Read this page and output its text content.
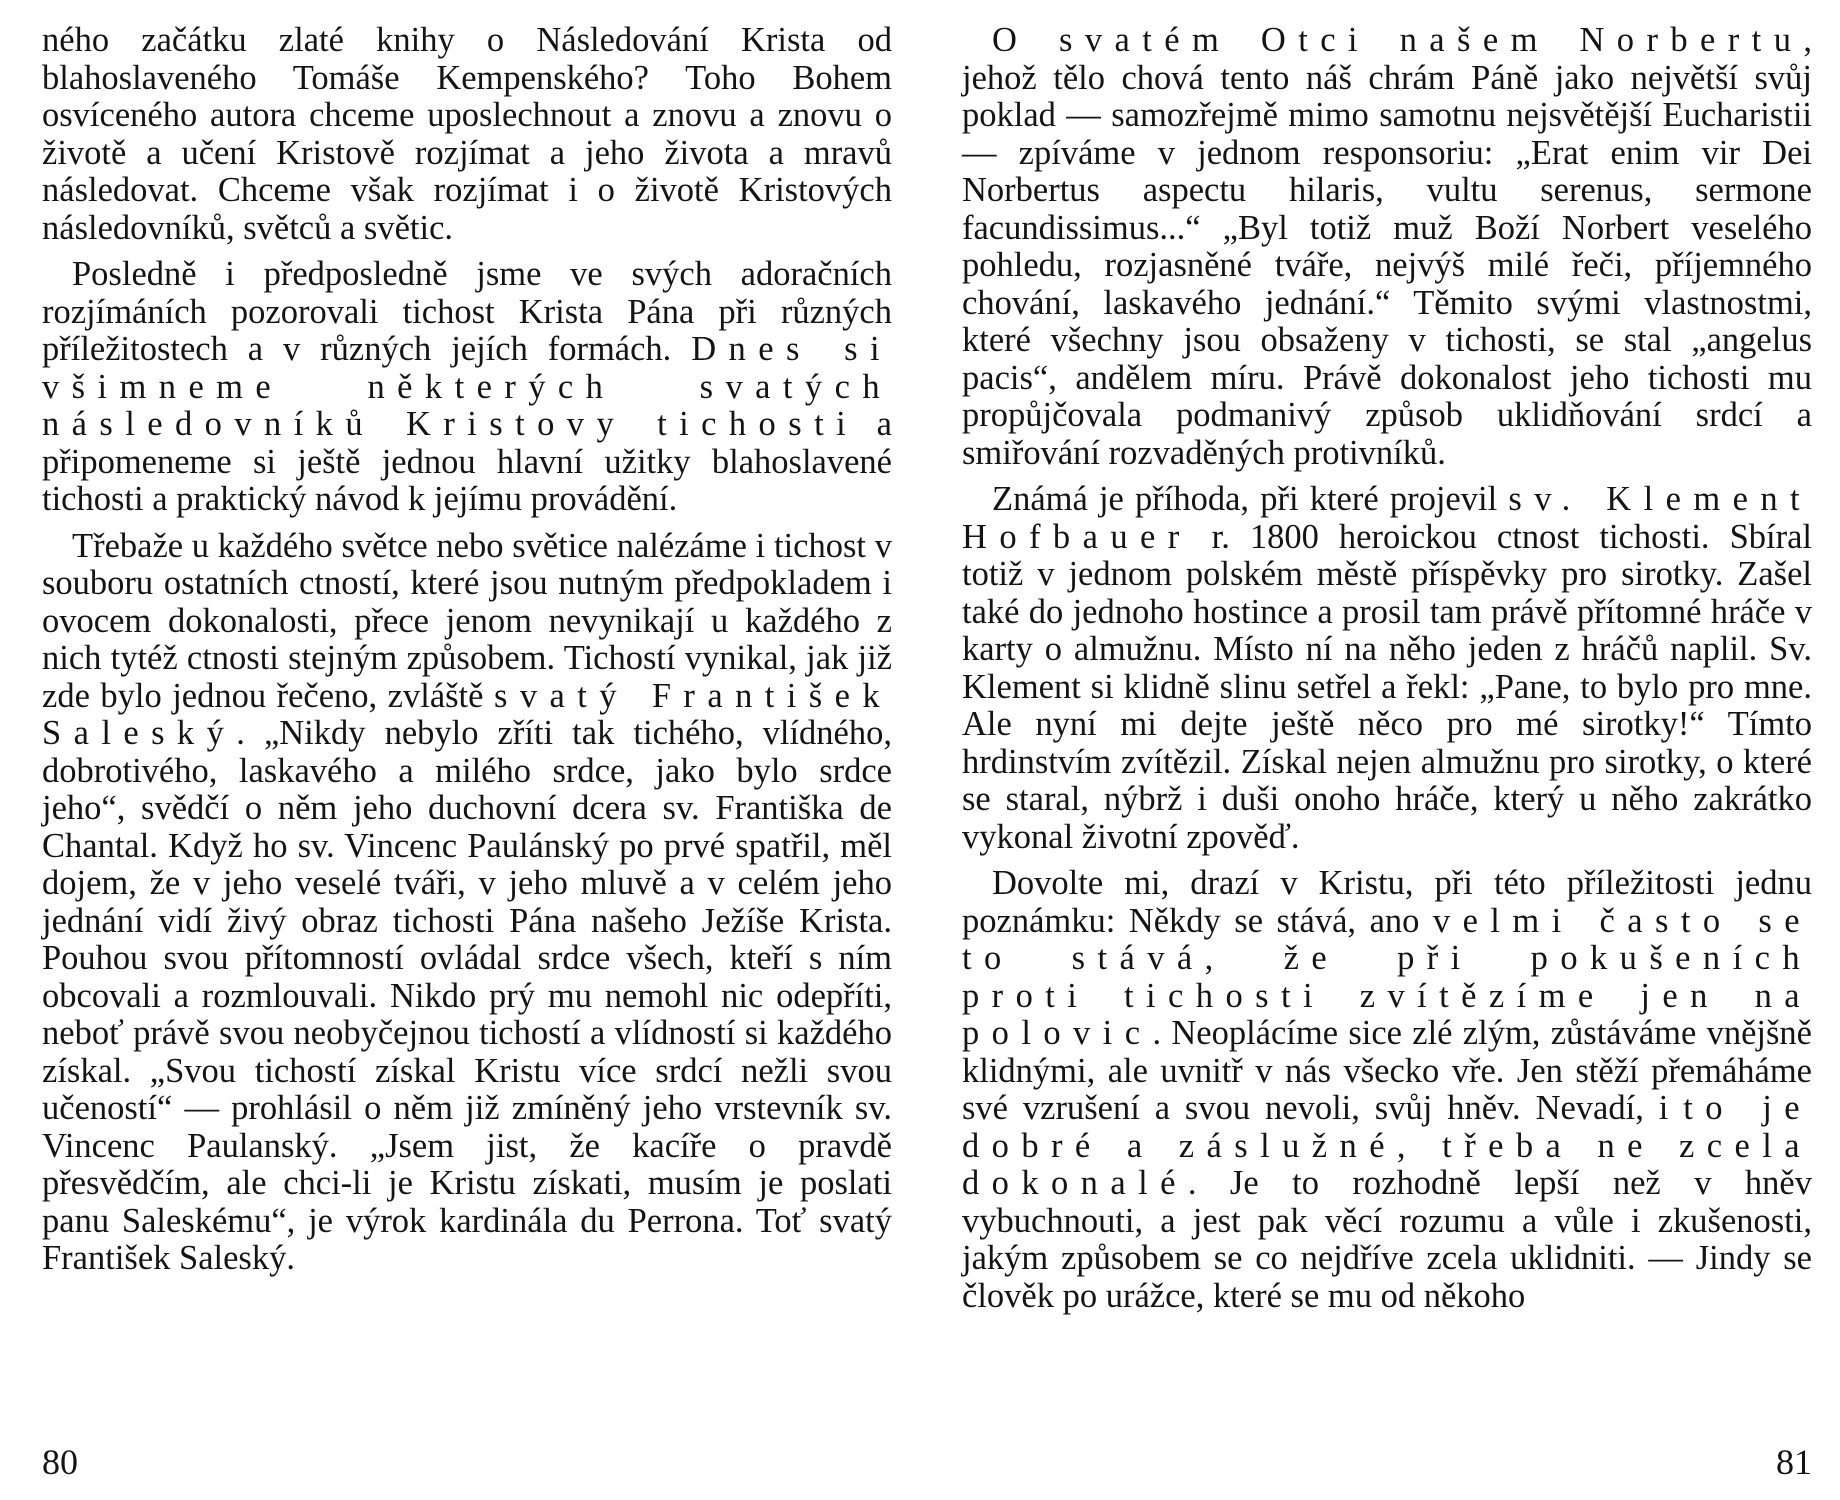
ného začátku zlaté knihy o Následování Krista od blahoslaveného Tomáše Kempenského? Toho Bohem osvíceného autora chceme uposlechnout a znovu a znovu o životě a učení Kristově rozjímat a jeho života a mravů následovat. Chceme však rozjímat i o životě Kristových následovníků, světců a světic.

Posledně i předposledně jsme ve svých adoračních rozjímáních pozorovali tichost Krista Pána při různých příležitostech a v různých jejích formách. Dnes si všimneme některých svatých následovníků Kristovy tichosti a připomeneme si ještě jednou hlavní užitky blahoslavené tichosti a praktický návod k jejímu provádění.

Třebaže u každého světce nebo světice nalézáme i tichost v souboru ostatních ctností, které jsou nutným předpokladem i ovocem dokonalosti, přece jenom nevynikají u každého z nich tytéž ctnosti stejným způsobem. Tichostí vynikal, jak již zde bylo jednou řečeno, zvláště svatý František Saleský. „Nikdy nebylo zříti tak tichého, vlídného, dobrotivého, laskavého a milého srdce, jako bylo srdce jeho“, svědčí o něm jeho duchovní dcera sv. Františka de Chantal. Když ho sv. Vincenc Paulánský po prvé spatřil, měl dojem, že v jeho veselé tváři, v jeho mluvě a v celém jeho jednání vidí živý obraz tichosti Pána našeho Ježíše Krista. Pouhou svou přítomností ovládal srdce všech, kteří s ním obcovali a rozmlouvali. Nikdo prý mu nemohl nic odepříti, neboť právě svou neobyčejnou tichostí a vlídností si každého získal. „Svou tichostí získal Kristu více srdcí nežli svou učeností“ — prohlásil o něm již zmíněný jeho vrstevník sv. Vincenc Paulanský. „Jsem jist, že kacíře o pravdě přesvědčím, ale chci-li je Kristu získati, musím je poslati panu Saleskému“, je výrok kardinála du Perrona. Toť svatý František Saleský.

80

O svatém Otci našem Norbertu, jehož tělo chová tento náš chrám Páně jako největší svůj poklad — samozřejmě mimo samotnu nejsvětější Eucharistii — zpíváme v jednom responsoriu: „Erat enim vir Dei Norbertus aspectu hilaris, vultu serenus, sermone facundissimus...“ „Byl totiž muž Boží Norbert veselého pohledu, rozjasněné tváře, nejvýš milé řeči, příjemného chování, laskavého jednání.“ Těmito svými vlastnostmi, které všechny jsou obsaženy v tichosti, se stal „angelus pacis“, andělem míru. Právě dokonalost jeho tichosti mu propůjčovala podmanivý způsob uklidňování srdcí a smiřování rozvaděných protivníků.

Známá je příhoda, při které projevil sv. Klement Hofbauer r. 1800 heroickou ctnost tichosti. Sbíral totiž v jednom polském městě příspěvky pro sirotky. Zašel také do jednoho hostince a prosil tam právě přítomné hráče v karty o almužnu. Místo ní na něho jeden z hráčů naplil. Sv. Klement si klidně slinu setřel a řekl: „Pane, to bylo pro mne. Ale nyní mi dejte ještě něco pro mé sirotky!“ Tímto hrdinstvím zvítězil. Získal nejen almužnu pro sirotky, o které se staral, nýbrž i duši onoho hráče, který u něho zakrátko vykonal životní zpověď.

Dovolte mi, drazí v Kristu, při této příležitosti jednu poznámku: Někdy se stává, ano velmi často se to stává, že při pokušeních proti tichosti zvítězíme jen na polovic. Neoplácíme sice zlé zlým, zůstáváme vnějšně klidnými, ale uvnitř v nás všecko vře. Jen stěží přemáháme své vzrušení a svou nevoli, svůj hněv. Nevadí, i to je dobré a záslužné, třeba ne zcela dokonalé. Je to rozhodně lepší než v hněv vybuchnouti, a jest pak věcí rozumu a vůle i zkušenosti, jakým způsobem se co nejdříve zcela uklidniti. — Jindy se člověk po urážce, které se mu od někoho

81
